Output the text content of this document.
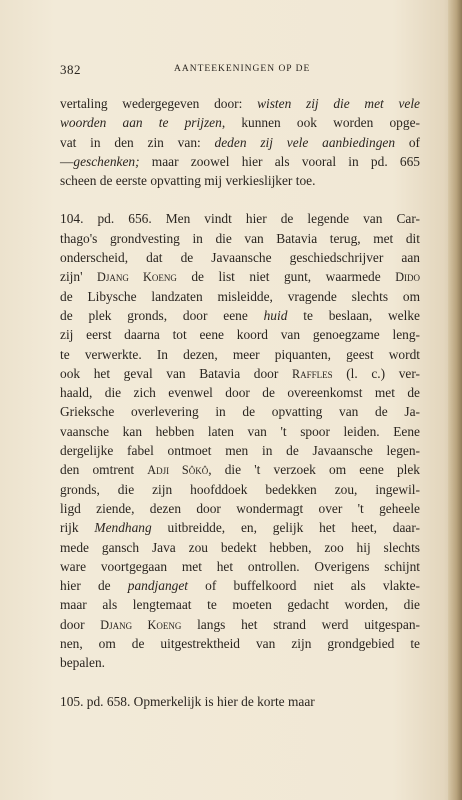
382	AANTEEKENINGEN OP DE
vertaling wedergegeven door: wisten zij die met vele
woorden aan te prijzen, kunnen ook worden opge-
vat in den zin van: deden zij vele aanbiedingen of
—geschenken; maar zoowel hier als vooral in pd. 665
scheen de eerste opvatting mij verkieslijker toe.
104. pd. 656. Men vindt hier de legende van Car-
thago's grondvesting in die van Batavia terug, met dit
onderscheid, dat de Javaansche geschiedschrijver aan
zijn' Djang Koeng de list niet gunt, waarmede Dido
de Libysche landzaten misleidde, vragende slechts om
de plek gronds, door eene huid te beslaan, welke
zij eerst daarna tot eene koord van genoegzame leng-
te verwerkte. In dezen, meer piquanten, geest wordt
ook het geval van Batavia door Raffles (l. c.) ver-
haald, die zich evenwel door de overeenkomst met de
Grieksche overlevering in de opvatting van de Ja-
vaansche kan hebben laten van 't spoor leiden. Eene
dergelijke fabel ontmoet men in de Javaansche legen-
den omtrent Adji Sôkô, die 't verzoek om eene plek
gronds, die zijn hoofddoek bedekken zou, ingewil-
ligd ziende, dezen door wondermagt over 't geheele
rijk Mendhang uitbreidde, en, gelijk het heet, daar-
mede gansch Java zou bedekt hebben, zoo hij slechts
ware voortgegaan met het ontrollen. Overigens schijnt
hier de pandjanget of buffelkoord niet als vlakte-
maar als lengtemaat te moeten gedacht worden, die
door Djang Koeng langs het strand werd uitgespan-
nen, om de uitgestrektheid van zijn grondgebied te
bepalen.
105. pd. 658. Opmerkelijk is hier de korte maar
